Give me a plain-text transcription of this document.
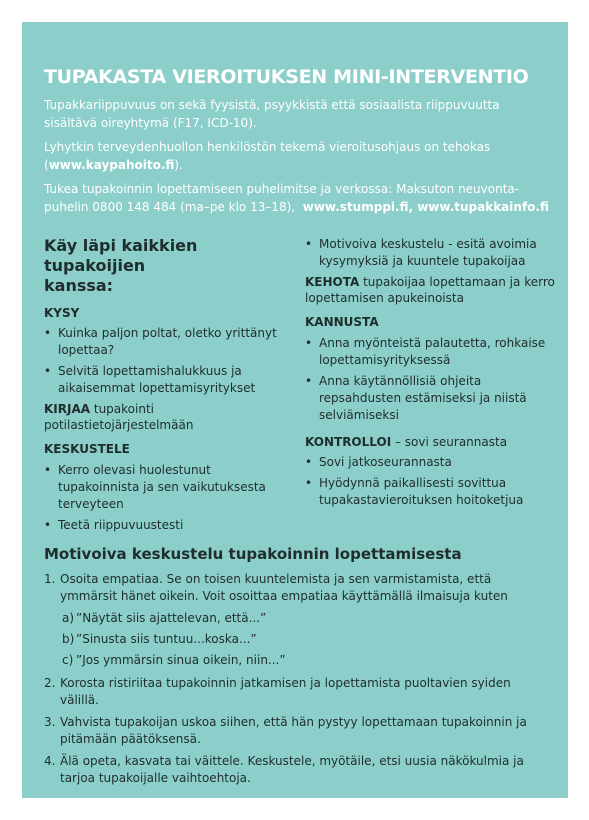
TUPAKASTA VIEROITUKSEN MINI-INTERVENTIO
Tupakkariippuvuus on sekä fyysistä, psyykkistä että sosiaalista riippuvuutta sisältävä oireyhtymä (F17, ICD-10).
Lyhytkin terveydenhuollon henkilöstön tekemä vieroitusohjaus on tehokas (www.kaypahoito.fi).
Tukea tupakoinnin lopettamiseen puhelimitse ja verkossa: Maksuton neuvonta-puhelin 0800 148 484 (ma–pe klo 13–18), www.stumppi.fi, www.tupakkainfo.fi
Käy läpi kaikkien tupakoijien kanssa:
KYSY
• Kuinka paljon poltat, oletko yrittänyt lopettaa?
• Selvitä lopettamishalukkuus ja aikaisemmat lopettamisyritykset
KIRJAA tupakointi potilastietojärjestelmään
KESKUSTELE
• Kerro olevasi huolestunut tupakoinnista ja sen vaikutuksesta terveyteen
• Teetä riippuvuustesti
• Motivoiva keskustelu - esitä avoimia kysymyksiä ja kuuntele tupakoijaa
KEHOTA tupakoijaa lopettamaan ja kerro lopettamisen apukeinoista
KANNUSTA
• Anna myönteistä palautetta, rohkaise lopettamisyrityksessä
• Anna käytännöllisiä ohjeita repsahdusten estämiseksi ja niistä selviämiseksi
KONTROLLOI – sovi seurannasta
• Sovi jatkoseurannasta
• Hyödynnä paikallisesti sovittua tupakastavieroituksen hoitoketjua
Motivoiva keskustelu tupakoinnin lopettamisesta
1. Osoita empatiaa. Se on toisen kuuntelemista ja sen varmistamista, että ymmärsit hänet oikein. Voit osoittaa empatiaa käyttämällä ilmaisuja kuten
a) ”Näytät siis ajattelevan, että...”
b) ”Sinusta siis tuntuu...koska...”
c) ”Jos ymmärsin sinua oikein, niin...”
2. Korosta ristiriitaa tupakoinnin jatkamisen ja lopettamista puoltavien syiden välillä.
3. Vahvista tupakoijan uskoa siihen, että hän pystyy lopettamaan tupakoinnin ja pitämään päätöksensä.
4. Älä opeta, kasvata tai väittele. Keskustele, myötäile, etsi uusia näkökulmia ja tarjoa tupakoijalle vaihtoehtoja.
